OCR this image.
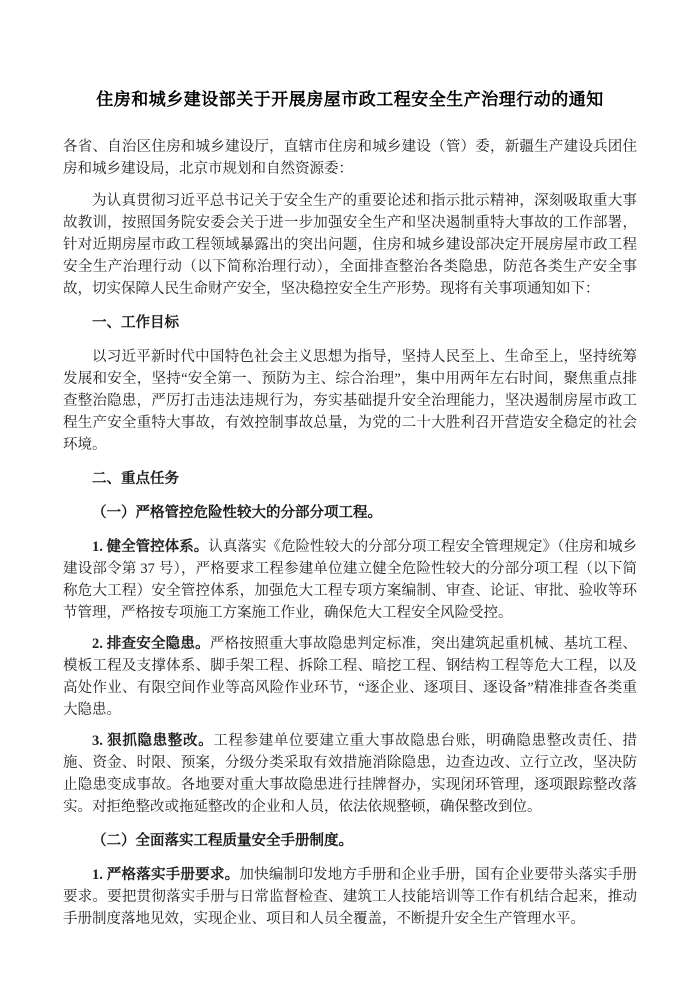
住房和城乡建设部关于开展房屋市政工程安全生产治理行动的通知

各省、自治区住房和城乡建设厅，直辖市住房和城乡建设（管）委，新疆生产建设兵团住房和城乡建设局，北京市规划和自然资源委：

为认真贯彻习近平总书记关于安全生产的重要论述和指示批示精神，深刻吸取重大事故教训，按照国务院安委会关于进一步加强安全生产和坚决遏制重特大事故的工作部署，针对近期房屋市政工程领域暴露出的突出问题，住房和城乡建设部决定开展房屋市政工程安全生产治理行动（以下简称治理行动），全面排查整治各类隐患，防范各类生产安全事故，切实保障人民生命财产安全，坚决稳控安全生产形势。现将有关事项通知如下：

一、工作目标

以习近平新时代中国特色社会主义思想为指导，坚持人民至上、生命至上，坚持统筹发展和安全，坚持“安全第一、预防为主、综合治理”，集中用两年左右时间，聚焦重点排查整治隐患，严厉打击违法违规行为，夯实基础提升安全治理能力，坚决遏制房屋市政工程生产安全重特大事故，有效控制事故总量，为党的二十大胜利召开营造安全稳定的社会环境。

二、重点任务
（一）严格管控危险性较大的分部分项工程。

1. 健全管控体系。认真落实《危险性较大的分部分项工程安全管理规定》（住房和城乡建设部令第 37 号），严格要求工程参建单位建立健全危险性较大的分部分项工程（以下简称危大工程）安全管控体系，加强危大工程专项方案编制、审查、论证、审批、验收等环节管理，严格按专项施工方案施工作业，确保危大工程安全风险受控。

2. 排查安全隐患。严格按照重大事故隐患判定标准，突出建筑起重机械、基坑工程、模板工程及支撑体系、脚手架工程、拆除工程、暗挖工程、钢结构工程等危大工程，以及高处作业、有限空间作业等高风险作业环节，“逐企业、逐项目、逐设备”精准排查各类重大隐患。

3. 狠抓隐患整改。工程参建单位要建立重大事故隐患台账，明确隐患整改责任、措施、资金、时限、预案，分级分类采取有效措施消除隐患，边查边改、立行立改，坚决防止隐患变成事故。各地要对重大事故隐患进行挂牌督办，实现闭环管理，逐项跟踪整改落实。对拒绝整改或拖延整改的企业和人员，依法依规整顿，确保整改到位。

（二）全面落实工程质量安全手册制度。

1. 严格落实手册要求。加快编制印发地方手册和企业手册，国有企业要带头落实手册要求。要把贯彻落实手册与日常监督检查、建筑工人技能培训等工作有机结合起来，推动手册制度落地见效，实现企业、项目和人员全覆盖，不断提升安全生产管理水平。
